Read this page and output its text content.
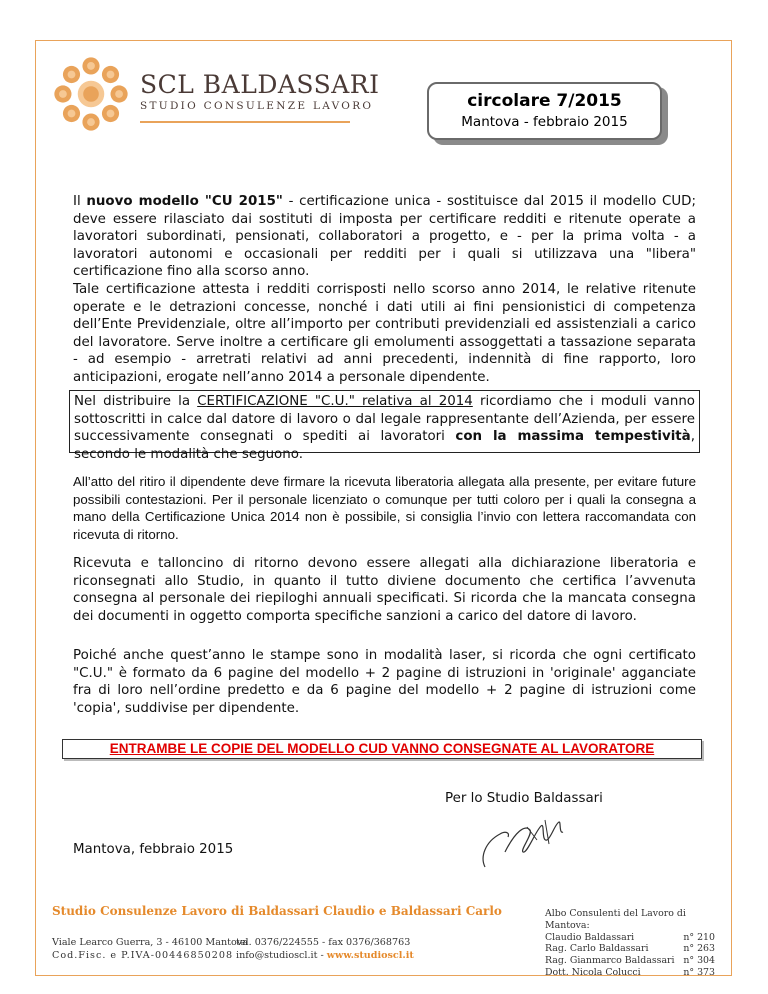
SCL BALDASSARI
STUDIO CONSULENZE LAVORO	circolare 7/2015
Mantova - febbraio 2015

Il nuovo modello "CU 2015" - certificazione unica - sostituisce dal 2015 il modello CUD; deve essere rilasciato dai sostituti di imposta per certificare redditi e ritenute operate a lavoratori subordinati, pensionati, collaboratori a progetto, e - per la prima volta - a lavoratori autonomi e occasionali per redditi per i quali si utilizzava una "libera" certificazione fino alla scorso anno.

Tale certificazione attesta i redditi corrisposti nello scorso anno 2014, le relative ritenute operate e le detrazioni concesse, nonché i dati utili ai fini pensionistici di competenza dell’Ente Previdenziale, oltre all’importo per contributi previdenziali ed assistenziali a carico del lavoratore. Serve inoltre a certificare gli emolumenti assoggettati a tassazione separata - ad esempio - arretrati relativi ad anni precedenti, indennità di fine rapporto, loro anticipazioni, erogate nell’anno 2014 a personale dipendente.

Nel distribuire la CERTIFICAZIONE "C.U." relativa al 2014 ricordiamo che i moduli vanno sottoscritti in calce dal datore di lavoro o dal legale rappresentante dell’Azienda, per essere successivamente consegnati o spediti ai lavoratori con la massima tempestività, secondo le modalità che seguono.
All’atto del ritiro il dipendente deve firmare la ricevuta liberatoria allegata alla presente, per evitare future possibili contestazioni. Per il personale licenziato o comunque per tutti coloro per i quali la consegna a mano della Certificazione Unica 2014 non è possibile, si consiglia l’invio con lettera raccomandata con ricevuta di ritorno.
Ricevuta e talloncino di ritorno devono essere allegati alla dichiarazione liberatoria e riconsegnati allo Studio, in quanto il tutto diviene documento che certifica l’avvenuta consegna al personale dei riepiloghi annuali specificati. Si ricorda che la mancata consegna dei documenti in oggetto comporta specifiche sanzioni a carico del datore di lavoro.
Poiché anche quest’anno le stampe sono in modalità laser, si ricorda che ogni certificato "C.U." è formato da 6 pagine del modello + 2 pagine di istruzioni in 'originale' agganciate fra di loro nell’ordine predetto e da 6 pagine del modello + 2 pagine di istruzioni come 'copia', suddivise per dipendente.
ENTRAMBE LE COPIE DEL MODELLO CUD VANNO CONSEGNATE AL LAVORATORE
Per lo Studio Baldassari
Mantova, febbraio 2015
Studio Consulenze Lavoro di Baldassari Claudio e Baldassari Carlo
Viale Learco Guerra, 3 - 46100 Mantova
Cod.Fisc. e P.IVA-00446850208
tel. 0376/224555 - fax 0376/368763
info@studioscl.it - www.studioscl.it
Albo Consulenti del Lavoro di Mantova:
Claudio Baldassari	n° 210
Rag. Carlo Baldassari	n° 263
Rag. Gianmarco Baldassari n° 304
Dott. Nicola Colucci	n° 373
